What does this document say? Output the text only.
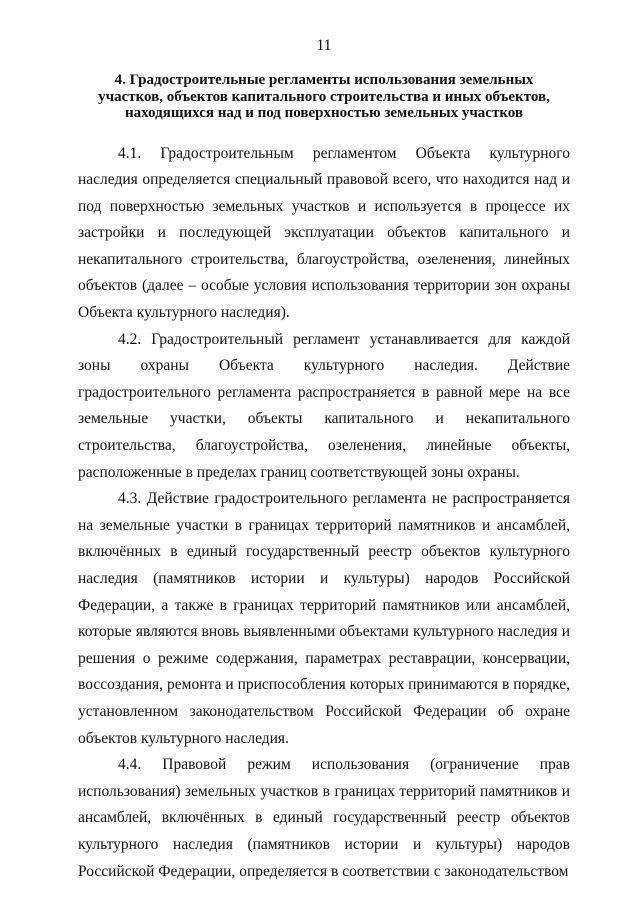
11
4. Градостроительные регламенты использования земельных
участков, объектов капитального строительства и иных объектов,
находящихся над и под поверхностью земельных участков

4.1. Градостроительным регламентом Объекта культурного наследия определяется специальный правовой всего, что находится над и под поверхностью земельных участков и используется в процессе их застройки и последующей эксплуатации объектов капитального и некапитального строительства, благоустройства, озеленения, линейных объектов (далее – особые условия использования территории зон охраны Объекта культурного наследия).

4.2. Градостроительный регламент устанавливается для каждой зоны охраны Объекта культурного наследия. Действие градостроительного регламента распространяется в равной мере на все земельные участки, объекты капитального и некапитального строительства, благоустройства, озеленения, линейные объекты, расположенные в пределах границ соответствующей зоны охраны.

4.3. Действие градостроительного регламента не распространяется на земельные участки в границах территорий памятников и ансамблей, включённых в единый государственный реестр объектов культурного наследия (памятников истории и культуры) народов Российской Федерации, а также в границах территорий памятников или ансамблей, которые являются вновь выявленными объектами культурного наследия и решения о режиме содержания, параметрах реставрации, консервации, воссоздания, ремонта и приспособления которых принимаются в порядке, установленном законодательством Российской Федерации об охране объектов культурного наследия.

4.4. Правовой режим использования (ограничение прав использования) земельных участков в границах территорий памятников и ансамблей, включённых в единый государственный реестр объектов культурного наследия (памятников истории и культуры) народов Российской Федерации, определяется в соответствии с законодательством
